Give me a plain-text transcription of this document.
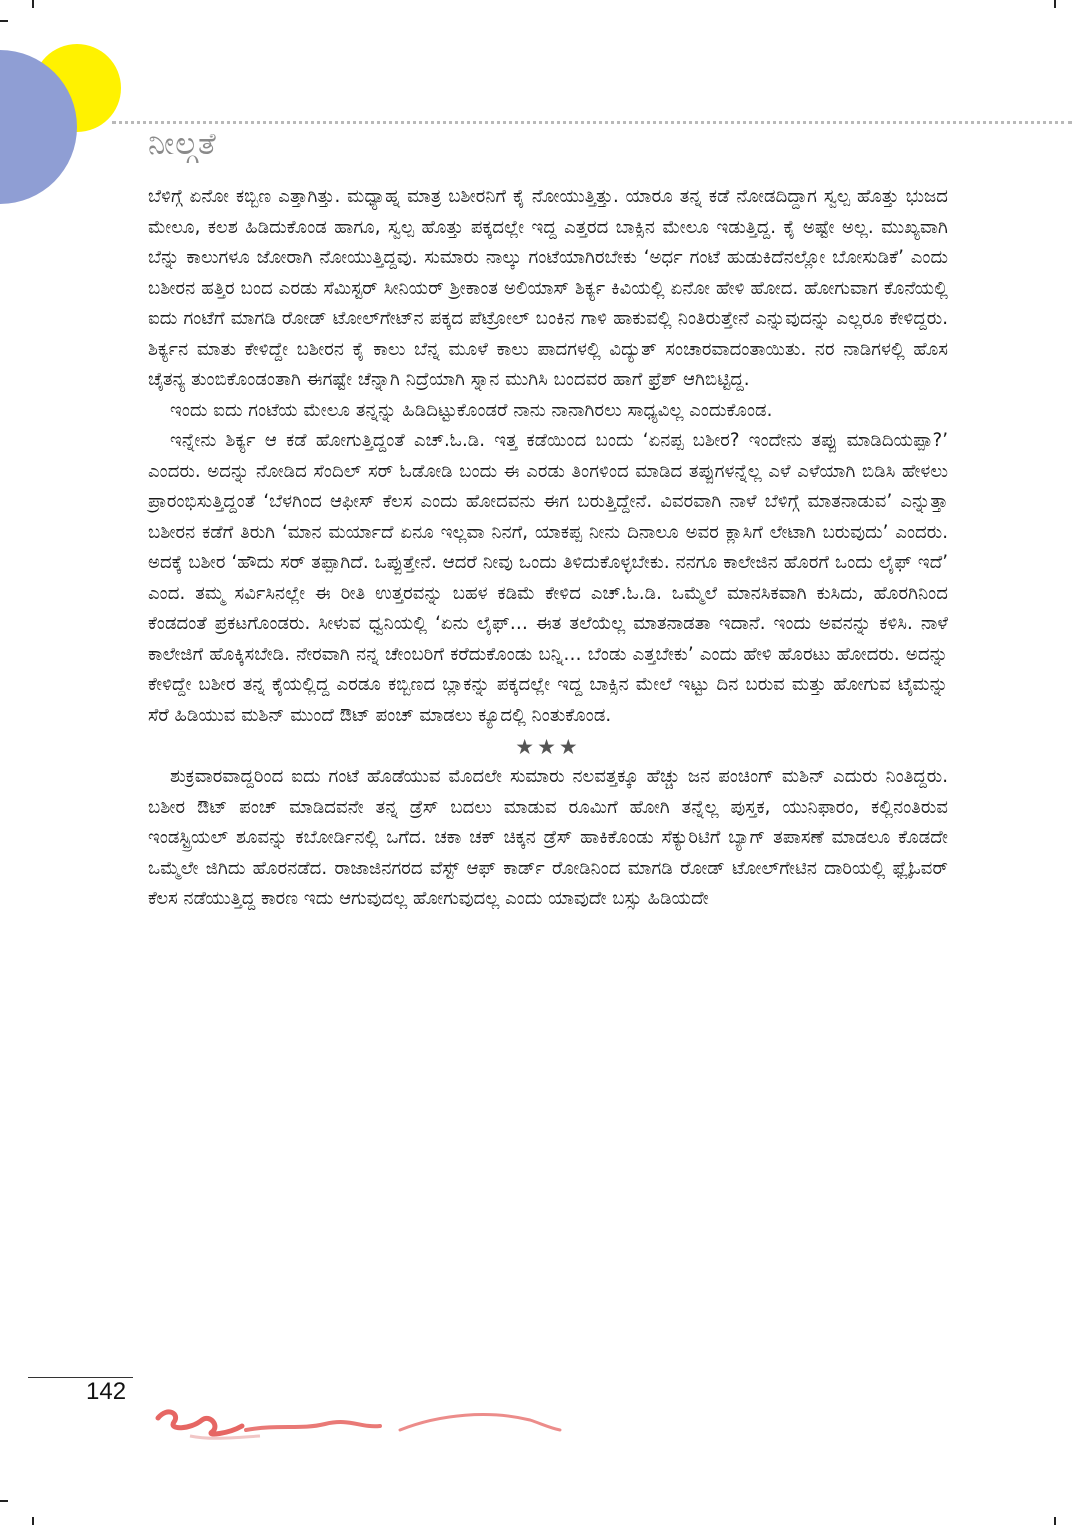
ನೀಲ್ಗತೆ

ಬೆಳಿಗ್ಗೆ ಏನೋ ಕಬ್ಬಿಣ ಎತ್ತಾಗಿತ್ತು. ಮಧ್ಯಾಹ್ನ ಮಾತ್ರ ಬಶೀರನಿಗೆ ಕೈ ನೋಯುತ್ತಿತ್ತು. ಯಾರೂ ತನ್ನ ಕಡೆ ನೋಡದಿದ್ದಾಗ ಸ್ವಲ್ಪ ಹೊತ್ತು ಭುಜದ ಮೇಲೂ, ಕಲಶ ಹಿಡಿದುಕೊಂಡ ಹಾಗೂ, ಸ್ವಲ್ಪ ಹೊತ್ತು ಪಕ್ಕದಲ್ಲೇ ಇದ್ದ ಎತ್ತರದ ಬಾಕ್ಸಿನ ಮೇಲೂ ಇಡುತ್ತಿದ್ದ. ಕೈ ಅಷ್ಟೇ ಅಲ್ಲ. ಮುಖ್ಯವಾಗಿ ಬೆನ್ನು ಕಾಲುಗಳೂ ಜೋರಾಗಿ ನೋಯುತ್ತಿದ್ದವು. ಸುಮಾರು ನಾಲ್ಕು ಗಂಟೆಯಾಗಿರಬೇಕು ‘ಅರ್ಧ ಗಂಟೆ ಹುಡುಕಿದೆನಲ್ಲೋ ಬೋಸುಡಿಕೆ’ ಎಂದು ಬಶೀರನ ಹತ್ತಿರ ಬಂದ ಎರಡು ಸೆಮಿಸ್ಟರ್ ಸೀನಿಯರ್ ಶ್ರೀಕಾಂತ ಅಲಿಯಾಸ್ ಶಿರ್ಕ್ಯ ಕಿವಿಯಲ್ಲಿ ಏನೋ ಹೇಳಿ ಹೋದ. ಹೋಗುವಾಗ ಕೊನೆಯಲ್ಲಿ ಐದು ಗಂಟೆಗೆ ಮಾಗಡಿ ರೋಡ್ ಟೋಲ್‌ಗೇಟ್‌ನ ಪಕ್ಕದ ಪೆಟ್ರೋಲ್ ಬಂಕಿನ ಗಾಳಿ ಹಾಕುವಲ್ಲಿ ನಿಂತಿರುತ್ತೇನೆ ಎನ್ನುವುದನ್ನು ಎಲ್ಲರೂ ಕೇಳಿದ್ದರು. ಶಿರ್ಕ್ಯನ ಮಾತು ಕೇಳಿದ್ದೇ ಬಶೀರನ ಕೈ ಕಾಲು ಬೆನ್ನ ಮೂಳೆ ಕಾಲು ಪಾದಗಳಲ್ಲಿ ವಿದ್ಯುತ್ ಸಂಚಾರವಾದಂತಾಯಿತು. ನರ ನಾಡಿಗಳಲ್ಲಿ ಹೊಸ ಚೈತನ್ಯ ತುಂಬಿಕೊಂಡಂತಾಗಿ ಈಗಷ್ಟೇ ಚೆನ್ನಾಗಿ ನಿದ್ರೆಯಾಗಿ ಸ್ನಾನ ಮುಗಿಸಿ ಬಂದವರ ಹಾಗೆ ಫ್ರೆಶ್ ಆಗಿಬಿಟ್ಟಿದ್ದ.

ಇಂದು ಐದು ಗಂಟೆಯ ಮೇಲೂ ತನ್ನನ್ನು ಹಿಡಿದಿಟ್ಟುಕೊಂಡರೆ ನಾನು ನಾನಾಗಿರಲು ಸಾಧ್ಯವಿಲ್ಲ ಎಂದುಕೊಂಡ.

ಇನ್ನೇನು ಶಿರ್ಕ್ಯ ಆ ಕಡೆ ಹೋಗುತ್ತಿದ್ದಂತೆ ಎಚ್.ಓ.ಡಿ. ಇತ್ತ ಕಡೆಯಿಂದ ಬಂದು ‘ಏನಪ್ಪ ಬಶೀರ? ಇಂದೇನು ತಪ್ಪು ಮಾಡಿದಿಯಪ್ಪಾ?’ ಎಂದರು. ಅದನ್ನು ನೋಡಿದ ಸೆಂದಿಲ್ ಸರ್ ಓಡೋಡಿ ಬಂದು ಈ ಎರಡು ತಿಂಗಳಿಂದ ಮಾಡಿದ ತಪ್ಪುಗಳನ್ನೆಲ್ಲ ಎಳೆ ಎಳೆಯಾಗಿ ಬಿಡಿಸಿ ಹೇಳಲು ಪ್ರಾರಂಭಿಸುತ್ತಿದ್ದಂತೆ ‘ಬೆಳಗಿಂದ ಆಫೀಸ್ ಕೆಲಸ ಎಂದು ಹೋದವನು ಈಗ ಬರುತ್ತಿದ್ದೇನೆ. ವಿವರವಾಗಿ ನಾಳೆ ಬೆಳಿಗ್ಗೆ ಮಾತನಾಡುವ’ ಎನ್ನುತ್ತಾ ಬಶೀರನ ಕಡೆಗೆ ತಿರುಗಿ ‘ಮಾನ ಮರ್ಯಾದೆ ಏನೂ ಇಲ್ಲವಾ ನಿನಗೆ, ಯಾಕಪ್ಪ ನೀನು ದಿನಾಲೂ ಅವರ ಕ್ಲಾಸಿಗೆ ಲೇಟಾಗಿ ಬರುವುದು’ ಎಂದರು. ಅದಕ್ಕೆ ಬಶೀರ ‘ಹೌದು ಸರ್ ತಪ್ಪಾಗಿದೆ. ಒಪ್ಪುತ್ತೇನೆ. ಆದರೆ ನೀವು ಒಂದು ತಿಳಿದುಕೊಳ್ಳಬೇಕು. ನನಗೂ ಕಾಲೇಜಿನ ಹೊರಗೆ ಒಂದು ಲೈಫ್ ಇದೆ’ ಎಂದ. ತಮ್ಮ ಸರ್ವಿಸಿನಲ್ಲೇ ಈ ರೀತಿ ಉತ್ತರವನ್ನು ಬಹಳ ಕಡಿಮೆ ಕೇಳಿದ ಎಚ್.ಓ.ಡಿ. ಒಮ್ಮೆಲೆ ಮಾನಸಿಕವಾಗಿ ಕುಸಿದು, ಹೊರಗಿನಿಂದ ಕೆಂಡದಂತೆ ಪ್ರಕಟಗೊಂಡರು. ಸೀಳುವ ಧ್ವನಿಯಲ್ಲಿ ‘ಏನು ಲೈಫ್… ಈತ ತಲೆಯೆಲ್ಲ ಮಾತನಾಡತಾ ಇದಾನೆ. ಇಂದು ಅವನನ್ನು ಕಳಿಸಿ. ನಾಳೆ ಕಾಲೇಜಿಗೆ ಹೊಕ್ಕಿಸಬೇಡಿ. ನೇರವಾಗಿ ನನ್ನ ಚೇಂಬರಿಗೆ ಕರೆದುಕೊಂಡು ಬನ್ನಿ… ಬೆಂಡು ಎತ್ತಬೇಕು’ ಎಂದು ಹೇಳಿ ಹೊರಟು ಹೋದರು. ಅದನ್ನು ಕೇಳಿದ್ದೇ ಬಶೀರ ತನ್ನ ಕೈಯಲ್ಲಿದ್ದ ಎರಡೂ ಕಬ್ಬಿಣದ ಬ್ಲಾಕನ್ನು ಪಕ್ಕದಲ್ಲೇ ಇದ್ದ ಬಾಕ್ಸಿನ ಮೇಲೆ ಇಟ್ಟು ದಿನ ಬರುವ ಮತ್ತು ಹೋಗುವ ಟೈಮನ್ನು ಸೆರೆ ಹಿಡಿಯುವ ಮಶಿನ್ ಮುಂದೆ ಔಟ್ ಪಂಚ್ ಮಾಡಲು ಕ್ಯೂದಲ್ಲಿ ನಿಂತುಕೊಂಡ.

★★★

ಶುಕ್ರವಾರವಾದ್ದರಿಂದ ಐದು ಗಂಟೆ ಹೊಡೆಯುವ ಮೊದಲೇ ಸುಮಾರು ನಲವತ್ತಕ್ಕೂ ಹೆಚ್ಚು ಜನ ಪಂಚಿಂಗ್ ಮಶಿನ್ ಎದುರು ನಿಂತಿದ್ದರು. ಬಶೀರ ಔಟ್ ಪಂಚ್ ಮಾಡಿದವನೇ ತನ್ನ ಡ್ರೆಸ್ ಬದಲು ಮಾಡುವ ರೂಮಿಗೆ ಹೋಗಿ ತನ್ನೆಲ್ಲ ಪುಸ್ತಕ, ಯುನಿಫಾರಂ, ಕಲ್ಲಿನಂತಿರುವ ಇಂಡಸ್ಟ್ರಿಯಲ್ ಶೂವನ್ನು ಕಬೋರ್ಡಿನಲ್ಲಿ ಒಗೆದ. ಚಕಾ ಚಕ್ ಚಿಕ್ಕನ ಡ್ರೆಸ್ ಹಾಕಿಕೊಂಡು ಸೆಕ್ಯುರಿಟಿಗೆ ಬ್ಯಾಗ್ ತಪಾಸಣೆ ಮಾಡಲೂ ಕೊಡದೇ ಒಮ್ಮೆಲೇ ಜಿಗಿದು ಹೊರನಡೆದ. ರಾಜಾಜಿನಗರದ ವೆಸ್ಟ್ ಆಫ್ ಕಾರ್ಡ್ ರೋಡಿನಿಂದ ಮಾಗಡಿ ರೋಡ್ ಟೋಲ್‌ಗೇಟಿನ ದಾರಿಯಲ್ಲಿ ಫ್ಲೈಓವರ್ ಕೆಲಸ ನಡೆಯುತ್ತಿದ್ದ ಕಾರಣ ಇದು ಆಗುವುದಲ್ಲ ಹೋಗುವುದಲ್ಲ ಎಂದು ಯಾವುದೇ ಬಸ್ಸು ಹಿಡಿಯದೇ

142
